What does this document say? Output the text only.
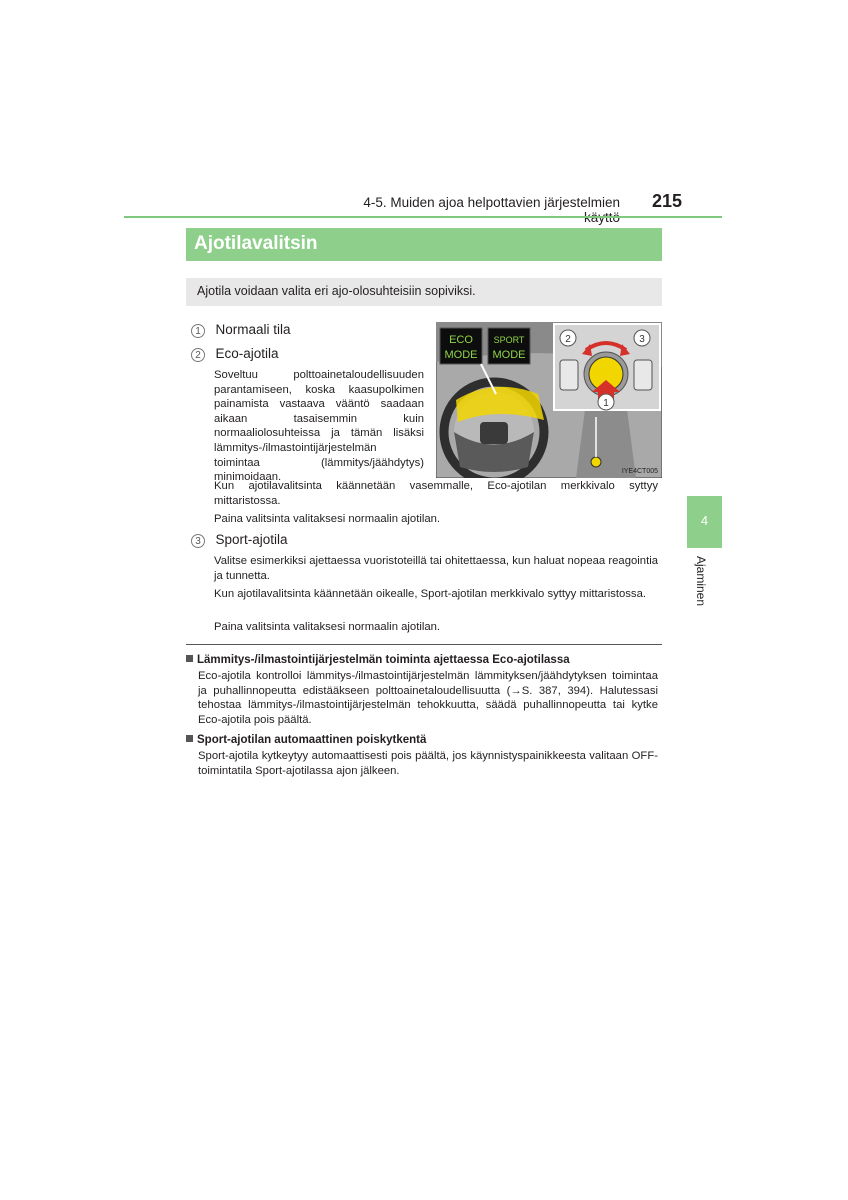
4-5. Muiden ajoa helpottavien järjestelmien 215
Ajotilavalitsin
Ajotila voidaan valita eri ajo-olosuhteisiin sopiviksi.
1 Normaali tila
2 Eco-ajotila
Soveltuu polttoainetaloudellisuuden parantamiseen, koska kaasupolkimen painamista vastaava vääntö saadaan aikaan tasaisemmin kuin normaaliolosuhteissa ja tämän lisäksi lämmitys-/ilmastointijärjestelmän toimintaa (lämmitys/jäähdytys) minimoidaan.
ECO
MODE
SPORT
MODE
1
2	3
IYE4CT005
Kun ajotilavalitsinta käännetään vasemmalle, Eco-ajotilan merkkivalo syttyy mittaristossa.
Paina valitsinta valitaksesi normaalin ajotilan.
3 Sport-ajotila
Valitse esimerkiksi ajettaessa vuoristoteillä tai ohitettaessa, kun haluat nopeaa reagointia ja tunnetta.
Kun ajotilavalitsinta käännetään oikealle, Sport-ajotilan merkkivalo syttyy mittaristossa.
Paina valitsinta valitaksesi normaalin ajotilan.
Lämmitys-/ilmastointijärjestelmän toiminta ajettaessa Eco-ajotilassa
Eco-ajotila kontrolloi lämmitys-/ilmastointijärjestelmän lämmityksen/jäähdytyksen toimintaa ja puhallinnopeutta edistääkseen polttoainetaloudellisuutta (→S. 387, 394). Halutessasi tehostaa lämmitys-/ilmastointijärjestelmän tehokkuutta, säädä puhallinnopeutta tai kytke Eco-ajotila pois päältä.
Sport-ajotilan automaattinen poiskytkentä
Sport-ajotila kytkeytyy automaattisesti pois päältä, jos käynnistyspainikkeesta valitaan OFF-toimintatila Sport-ajotilassa ajon jälkeen.
4
Ajaminen
